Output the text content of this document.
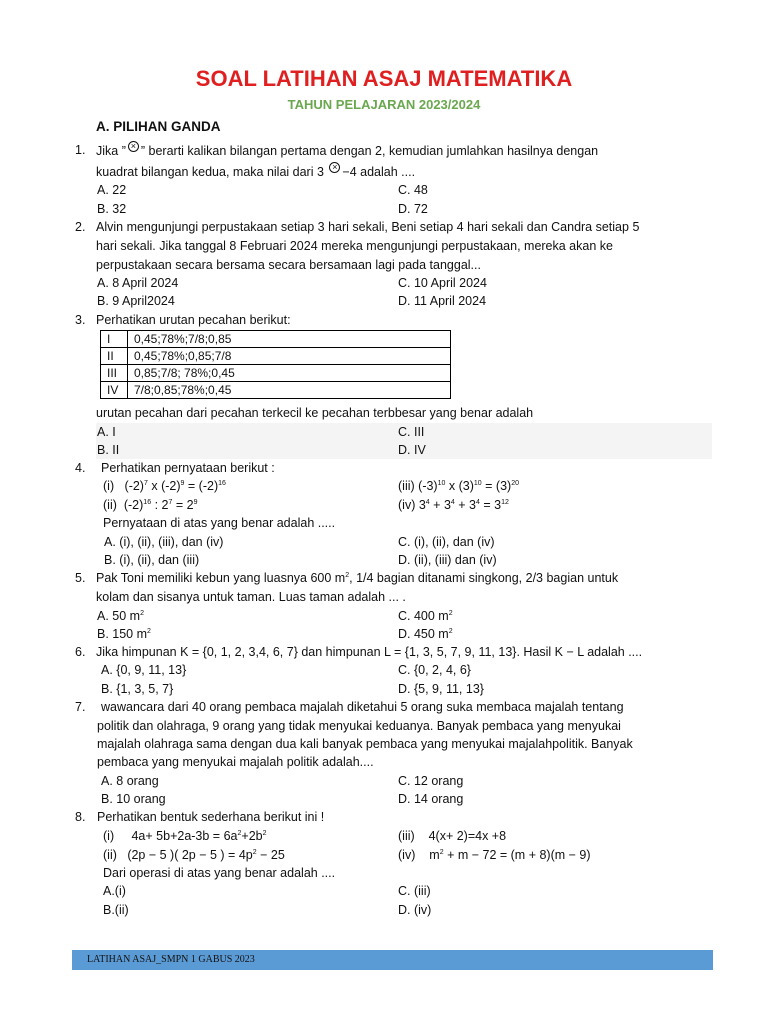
SOAL LATIHAN ASAJ MATEMATIKA
TAHUN PELAJARAN 2023/2024
A. PILIHAN GANDA
1. Jika ” × ” berarti kalikan bilangan pertama dengan 2, kemudian jumlahkan hasilnya dengan
kuadrat bilangan kedua, maka nilai dari 3 × −4 adalah ....
A. 22	C. 48
B. 32	D. 72
2. Alvin mengunjungi perpustakaan setiap 3 hari sekali, Beni setiap 4 hari sekali dan Candra setiap 5
hari sekali. Jika tanggal 8 Februari 2024 mereka mengunjungi perpustakaan, mereka akan ke
perpustakaan secara bersama secara bersamaan lagi pada tanggal...
A. 8 April 2024	C. 10 April 2024
B. 9 April2024	D. 11 April 2024
3. Perhatikan urutan pecahan berikut:
I	0,45;78%;7/8;0,85
II	0,45;78%;0,85;7/8
III	0,85;7/8; 78%;0,45
IV	7/8;0,85;78%;0,45
urutan pecahan dari pecahan terkecil ke pecahan terbbesar yang benar adalah
A. I	C. III
B. II	D. IV
4. Perhatikan pernyataan berikut :
(i) $(-2)^7$ x $(-2)^9 = (-2)^{16}$	(iii) $(-3)^{10}$ x $(3)^{10} = (3)^{20}$
(ii) $(-2)^{16}$ : $2^7 = 2^9$	(iv) $3^4 + 3^4 + 3^4 = 3^{12}$
Pernyataan di atas yang benar adalah .....
A. (i), (ii), (iii), dan (iv)	C. (i), (ii), dan (iv)
B. (i), (ii), dan (iii)	D. (ii), (iii) dan (iv)
5. Pak Toni memiliki kebun yang luasnya 600 $m^2$, 1/4 bagian ditanami singkong, 2/3 bagian untuk
kolam dan sisanya untuk taman. Luas taman adalah ... .
A. 50 $m^2$	C. 400 $m^2$
B. 150 $m^2$	D. 450 $m^2$
6. Jika himpunan K = {0, 1, 2, 3,4, 6, 7} dan himpunan L = {1, 3, 5, 7, 9, 11, 13}. Hasil K − L adalah ....
A. {0, 9, 11, 13}	C. {0, 2, 4, 6}
B. {1, 3, 5, 7}	D. {5, 9, 11, 13}
7. wawancara dari 40 orang pembaca majalah diketahui 5 orang suka membaca majalah tentang
politik dan olahraga, 9 orang yang tidak menyukai keduanya. Banyak pembaca yang menyukai
majalah olahraga sama dengan dua kali banyak pembaca yang menyukai majalahpolitik. Banyak
pembaca yang menyukai majalah politik adalah....
A. 8 orang	C. 12 orang
B. 10 orang	D. 14 orang
8. Perhatikan bentuk sederhana berikut ini !
(i) $4a+ 5b+2a-3b = 6a^2+2b^2$	(iii) 4(x+ 2)=4x +8
(ii) (2p − 5 )( 2p − 5 ) = $4p^2 - 25$	(iv) $m^2 + m - 72 = (m + 8)(m - 9)$
Dari operasi di atas yang benar adalah ....
A.(i)	C. (iii)
B.(ii)	D. (iv)
LATIHAN ASAJ_SMPN 1 GABUS 2023
